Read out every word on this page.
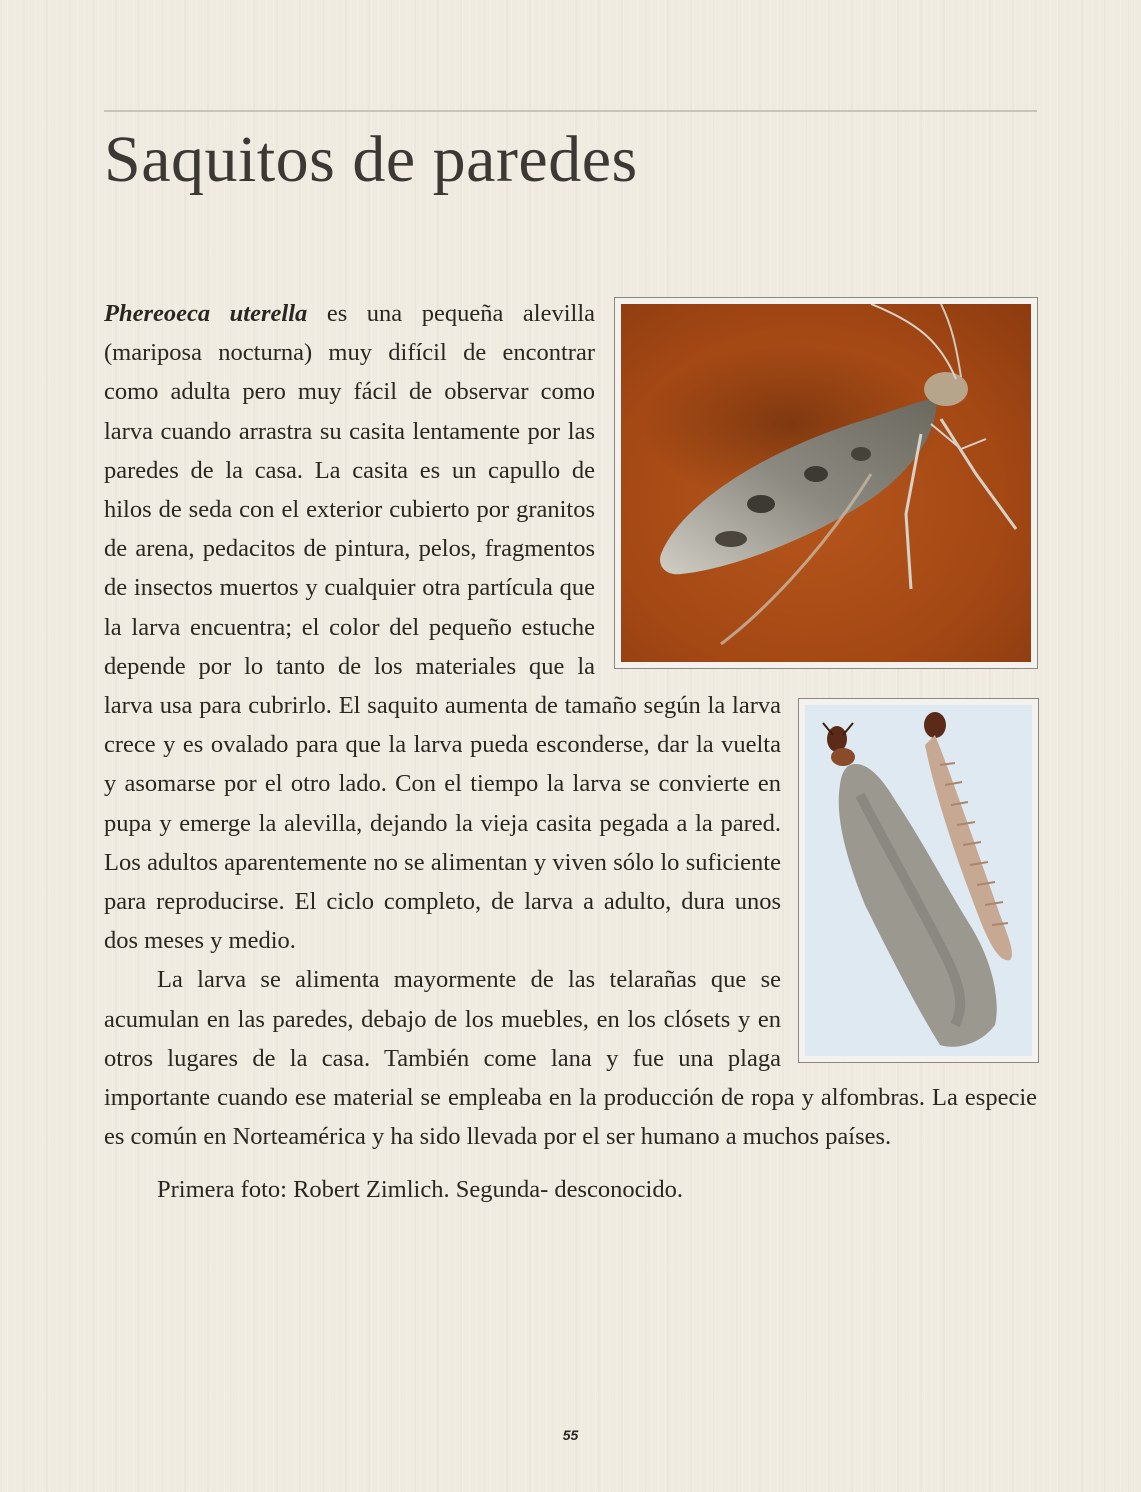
Saquitos de paredes

Phereoeca uterella es una pequeña alevilla (mariposa nocturna) muy difícil de encontrar como adulta pero muy fácil de observar como larva cuando arrastra su casita lentamente por las paredes de la casa. La casita es un capullo de hilos de seda con el exterior cubierto por granitos de arena, pedacitos de pintura, pelos, fragmentos de insectos muertos y cualquier otra partícula que la larva encuentra; el color del pequeño estuche depende por lo tanto de los materiales que la larva usa para cubrirlo. El saquito aumenta de tamaño según la larva crece y es ovalado para que la larva pueda esconderse, dar la vuelta y asomarse por el otro lado. Con el tiempo la larva se convierte en pupa y emerge la alevilla, dejando la vieja casita pegada a la pared. Los adultos aparentemente no se alimentan y viven sólo lo suficiente para reproducirse. El ciclo completo, de larva a adulto, dura unos dos meses y medio.

La larva se alimenta mayormente de las telarañas que se acumulan en las paredes, debajo de los muebles, en los clósets y en otros lugares de la casa. También come lana y fue una plaga importante cuando ese material se empleaba en la producción de ropa y alfombras. La especie es común en Norteamérica y ha sido llevada por el ser humano a muchos países.

Primera foto: Robert Zimlich. Segunda- desconocido.

55
